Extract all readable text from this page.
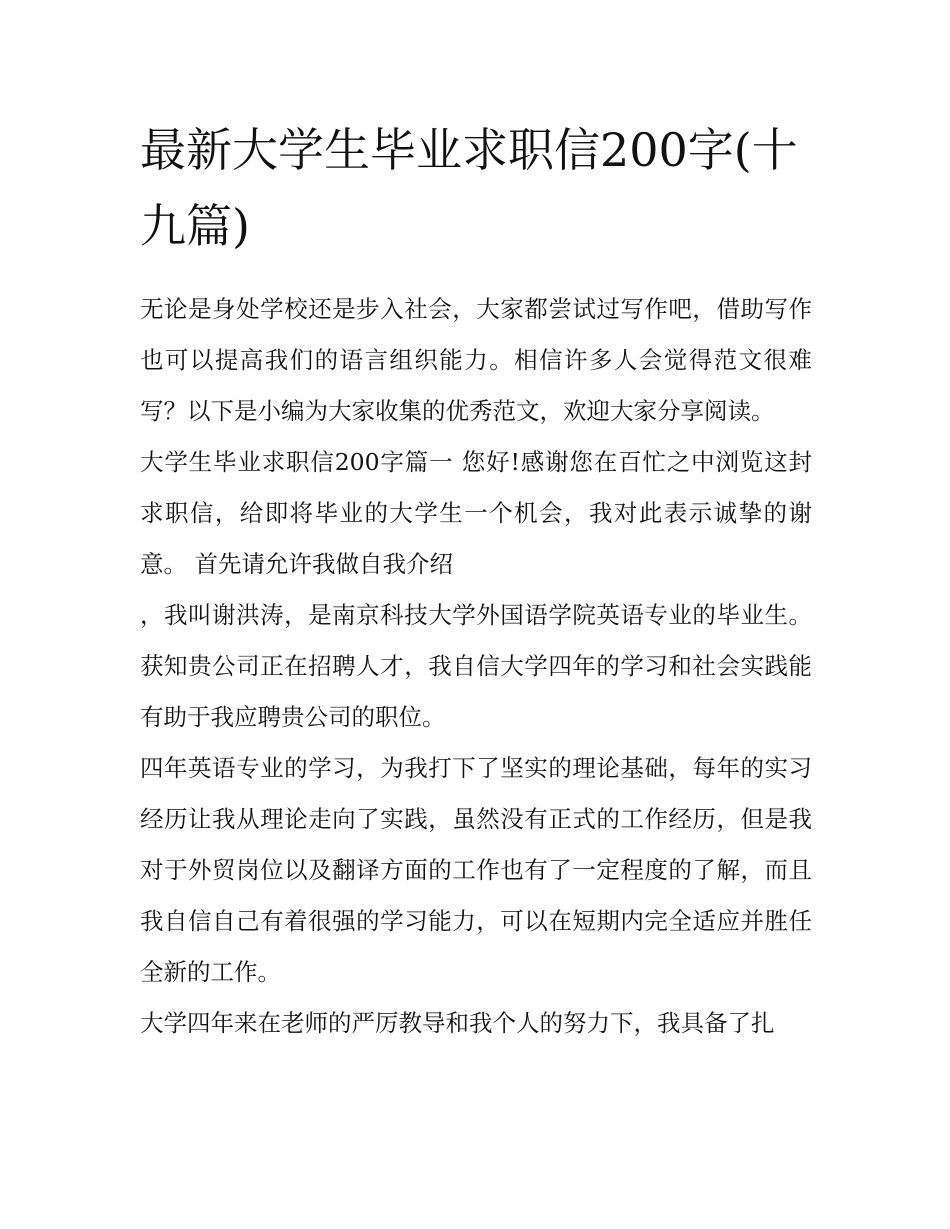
最新大学生毕业求职信200字(十九篇)

无论是身处学校还是步入社会，大家都尝试过写作吧，借助写作也可以提高我们的语言组织能力。相信许多人会觉得范文很难写？以下是小编为大家收集的优秀范文，欢迎大家分享阅读。

大学生毕业求职信200字篇一 您好!感谢您在百忙之中浏览这封求职信，给即将毕业的大学生一个机会，我对此表示诚挚的谢意。 首先请允许我做自我介绍

，我叫谢洪涛，是南京科技大学外国语学院英语专业的毕业生。获知贵公司正在招聘人才，我自信大学四年的学习和社会实践能有助于我应聘贵公司的职位。

四年英语专业的学习，为我打下了坚实的理论基础，每年的实习经历让我从理论走向了实践，虽然没有正式的工作经历，但是我对于外贸岗位以及翻译方面的工作也有了一定程度的了解，而且我自信自己有着很强的学习能力，可以在短期内完全适应并胜任全新的工作。

大学四年来在老师的严厉教导和我个人的努力下，我具备了扎
